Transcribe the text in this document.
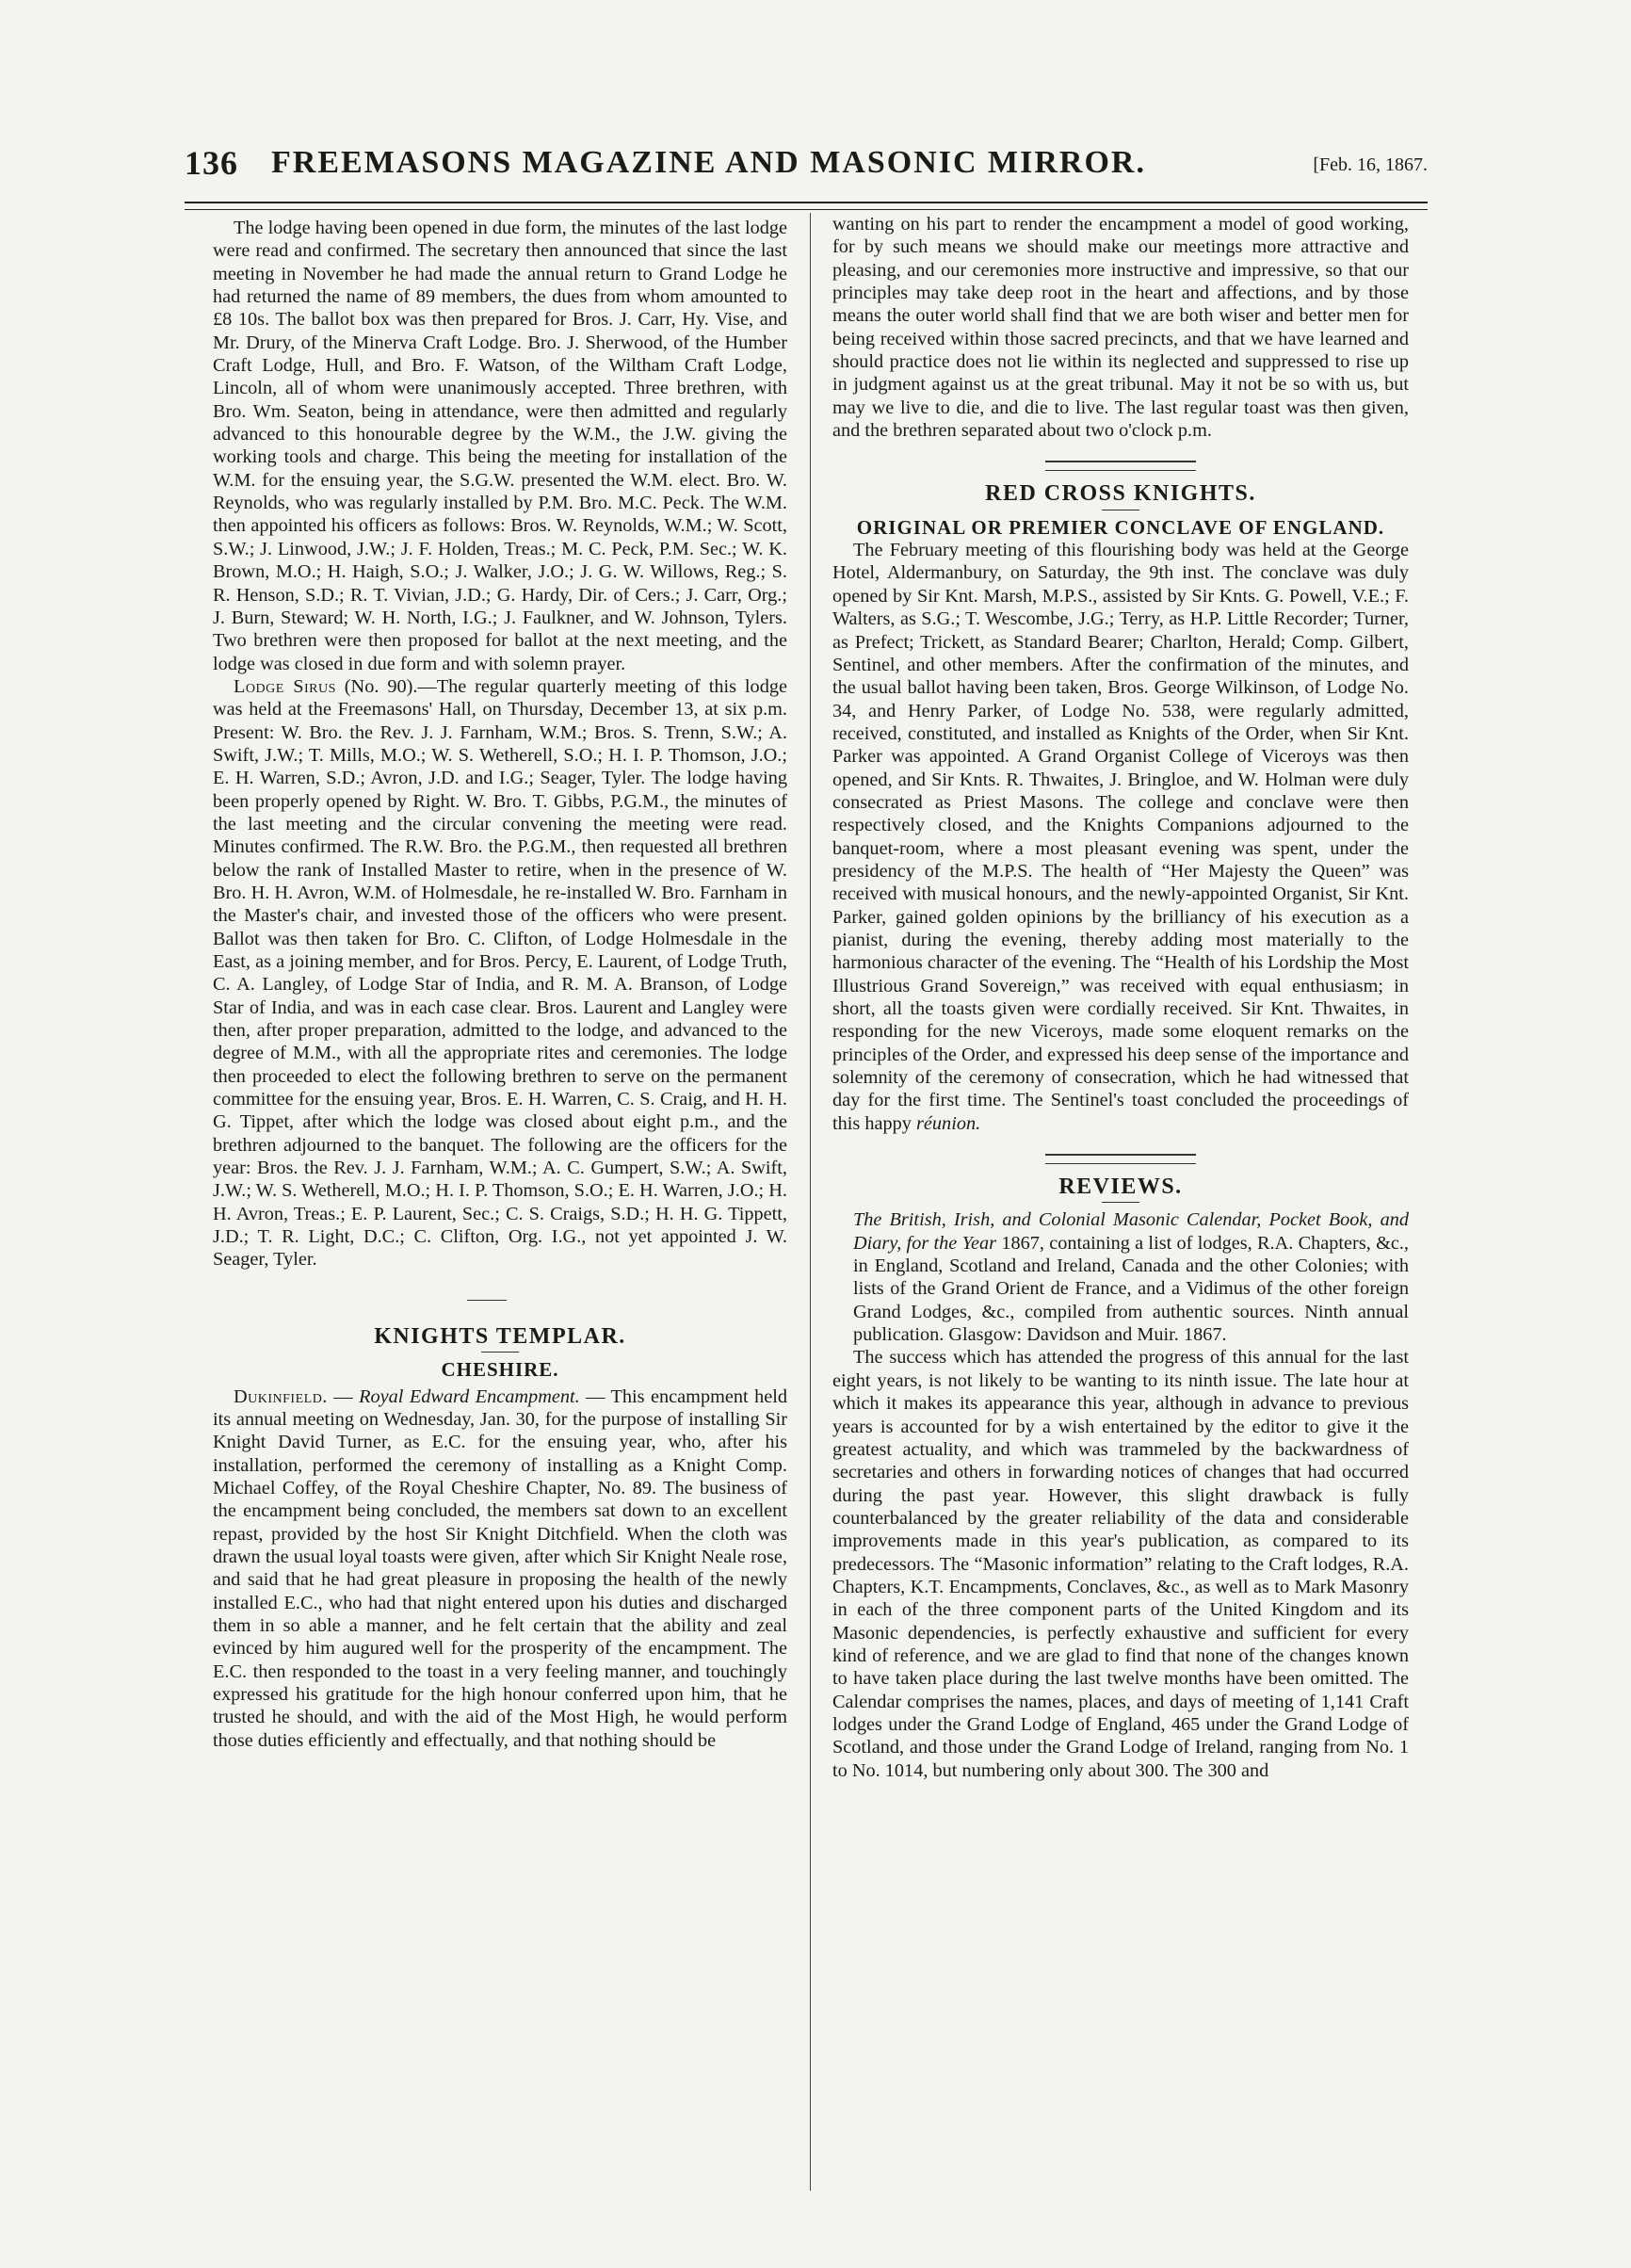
136 FREEMASONS MAGAZINE AND MASONIC MIRROR.	[Feb. 16, 1867.

The lodge having been opened in due form, the minutes of the last lodge were read and confirmed. The secretary then announced that since the last meeting in November he had made the annual return to Grand Lodge he had returned the name of 89 members, the dues from whom amounted to £8 10s. The ballot box was then prepared for Bros. J. Carr, Hy. Vise, and Mr. Drury, of the Minerva Craft Lodge. Bro. J. Sherwood, of the Humber Craft Lodge, Hull, and Bro. F. Watson, of the Wiltham Craft Lodge, Lincoln, all of whom were unanimously accepted. Three brethren, with Bro. Wm. Seaton, being in attendance, were then admitted and regularly advanced to this honourable degree by the W.M., the J.W. giving the working tools and charge. This being the meeting for installation of the W.M. for the ensuing year, the S.G.W. presented the W.M. elect. Bro. W. Reynolds, who was regularly installed by P.M. Bro. M.C. Peck. The W.M. then appointed his officers as follows: Bros. W. Reynolds, W.M.; W. Scott, S.W.; J. Linwood, J.W.; J. F. Holden, Treas.; M. C. Peck, P.M. Sec.; W. K. Brown, M.O.; H. Haigh, S.O.; J. Walker, J.O.; J. G. W. Willows, Reg.; S. R. Henson, S.D.; R. T. Vivian, J.D.; G. Hardy, Dir. of Cers.; J. Carr, Org.; J. Burn, Steward; W. H. North, I.G.; J. Faulkner, and W. Johnson, Tylers. Two brethren were then proposed for ballot at the next meeting, and the lodge was closed in due form and with solemn prayer.

Lodge Sirus (No. 90).—The regular quarterly meeting of this lodge was held at the Freemasons' Hall, on Thursday, December 13, at six p.m. Present: W. Bro. the Rev. J. J. Farnham, W.M.; Bros. S. Trenn, S.W.; A. Swift, J.W.; T. Mills, M.O.; W. S. Wetherell, S.O.; H. I. P. Thomson, J.O.; E. H. Warren, S.D.; Avron, J.D. and I.G.; Seager, Tyler. The lodge having been properly opened by Right. W. Bro. T. Gibbs, P.G.M., the minutes of the last meeting and the circular convening the meeting were read. Minutes confirmed. The R.W. Bro. the P.G.M., then requested all brethren below the rank of Installed Master to retire, when in the presence of W. Bro. H. H. Avron, W.M. of Holmesdale, he re-installed W. Bro. Farnham in the Master's chair, and invested those of the officers who were present. Ballot was then taken for Bro. C. Clifton, of Lodge Holmesdale in the East, as a joining member, and for Bros. Percy, E. Laurent, of Lodge Truth, C. A. Langley, of Lodge Star of India, and R. M. A. Branson, of Lodge Star of India, and was in each case clear. Bros. Laurent and Langley were then, after proper preparation, admitted to the lodge, and advanced to the degree of M.M., with all the appropriate rites and ceremonies. The lodge then proceeded to elect the following brethren to serve on the permanent committee for the ensuing year, Bros. E. H. Warren, C. S. Craig, and H. H. G. Tippet, after which the lodge was closed about eight p.m., and the brethren adjourned to the banquet. The following are the officers for the year: Bros. the Rev. J. J. Farnham, W.M.; A. C. Gumpert, S.W.; A. Swift, J.W.; W. S. Wetherell, M.O.; H. I. P. Thomson, S.O.; E. H. Warren, J.O.; H. H. Avron, Treas.; E. P. Laurent, Sec.; C. S. Craigs, S.D.; H. H. G. Tippett, J.D.; T. R. Light, D.C.; C. Clifton, Org. I.G., not yet appointed J. W. Seager, Tyler.

KNIGHTS TEMPLAR.
CHESHIRE.

Dukinfield. — Royal Edward Encampment. — This encampment held its annual meeting on Wednesday, Jan. 30, for the purpose of installing Sir Knight David Turner, as E.C. for the ensuing year, who, after his installation, performed the ceremony of installing as a Knight Comp. Michael Coffey, of the Royal Cheshire Chapter, No. 89. The business of the encampment being concluded, the members sat down to an excellent repast, provided by the host Sir Knight Ditchfield. When the cloth was drawn the usual loyal toasts were given, after which Sir Knight Neale rose, and said that he had great pleasure in proposing the health of the newly installed E.C., who had that night entered upon his duties and discharged them in so able a manner, and he felt certain that the ability and zeal evinced by him augured well for the prosperity of the encampment. The E.C. then responded to the toast in a very feeling manner, and touchingly expressed his gratitude for the high honour conferred upon him, that he trusted he should, and with the aid of the Most High, he would perform those duties efficiently and effectually, and that nothing should be

wanting on his part to render the encampment a model of good working, for by such means we should make our meetings more attractive and pleasing, and our ceremonies more instructive and impressive, so that our principles may take deep root in the heart and affections, and by those means the outer world shall find that we are both wiser and better men for being received within those sacred precincts, and that we have learned and should practice does not lie within its neglected and suppressed to rise up in judgment against us at the great tribunal. May it not be so with us, but may we live to die, and die to live. The last regular toast was then given, and the brethren separated about two o'clock p.m.

RED CROSS KNIGHTS.
ORIGINAL OR PREMIER CONCLAVE OF ENGLAND.

The February meeting of this flourishing body was held at the George Hotel, Aldermanbury, on Saturday, the 9th inst. The conclave was duly opened by Sir Knt. Marsh, M.P.S., assisted by Sir Knts. G. Powell, V.E.; F. Walters, as S.G.; T. Wescombe, J.G.; Terry, as H.P. Little Recorder; Turner, as Prefect; Trickett, as Standard Bearer; Charlton, Herald; Comp. Gilbert, Sentinel, and other members. After the confirmation of the minutes, and the usual ballot having been taken, Bros. George Wilkinson, of Lodge No. 34, and Henry Parker, of Lodge No. 538, were regularly admitted, received, constituted, and installed as Knights of the Order, when Sir Knt. Parker was appointed. A Grand Organist College of Viceroys was then opened, and Sir Knts. R. Thwaites, J. Bringloe, and W. Holman were duly consecrated as Priest Masons. The college and conclave were then respectively closed, and the Knights Companions adjourned to the banquet-room, where a most pleasant evening was spent, under the presidency of the M.P.S. The health of “Her Majesty the Queen” was received with musical honours, and the newly-appointed Organist, Sir Knt. Parker, gained golden opinions by the brilliancy of his execution as a pianist, during the evening, thereby adding most materially to the harmonious character of the evening. The “Health of his Lordship the Most Illustrious Grand Sovereign,” was received with equal enthusiasm; in short, all the toasts given were cordially received. Sir Knt. Thwaites, in responding for the new Viceroys, made some eloquent remarks on the principles of the Order, and expressed his deep sense of the importance and solemnity of the ceremony of consecration, which he had witnessed that day for the first time. The Sentinel's toast concluded the proceedings of this happy réunion.

REVIEWS.

The British, Irish, and Colonial Masonic Calendar, Pocket Book, and Diary, for the Year 1867, containing a list of lodges, R.A. Chapters, &c., in England, Scotland and Ireland, Canada and the other Colonies; with lists of the Grand Orient de France, and a Vidimus of the other foreign Grand Lodges, &c., compiled from authentic sources. Ninth annual publication. Glasgow: Davidson and Muir. 1867.

The success which has attended the progress of this annual for the last eight years, is not likely to be wanting to its ninth issue. The late hour at which it makes its appearance this year, although in advance to previous years is accounted for by a wish entertained by the editor to give it the greatest actuality, and which was trammeled by the backwardness of secretaries and others in forwarding notices of changes that had occurred during the past year. However, this slight drawback is fully counterbalanced by the greater reliability of the data and considerable improvements made in this year's publication, as compared to its predecessors. The “Masonic information” relating to the Craft lodges, R.A. Chapters, K.T. Encampments, Conclaves, &c., as well as to Mark Masonry in each of the three component parts of the United Kingdom and its Masonic dependencies, is perfectly exhaustive and sufficient for every kind of reference, and we are glad to find that none of the changes known to have taken place during the last twelve months have been omitted. The Calendar comprises the names, places, and days of meeting of 1,141 Craft lodges under the Grand Lodge of England, 465 under the Grand Lodge of Scotland, and those under the Grand Lodge of Ireland, ranging from No. 1 to No. 1014, but numbering only about 300. The 300 and
